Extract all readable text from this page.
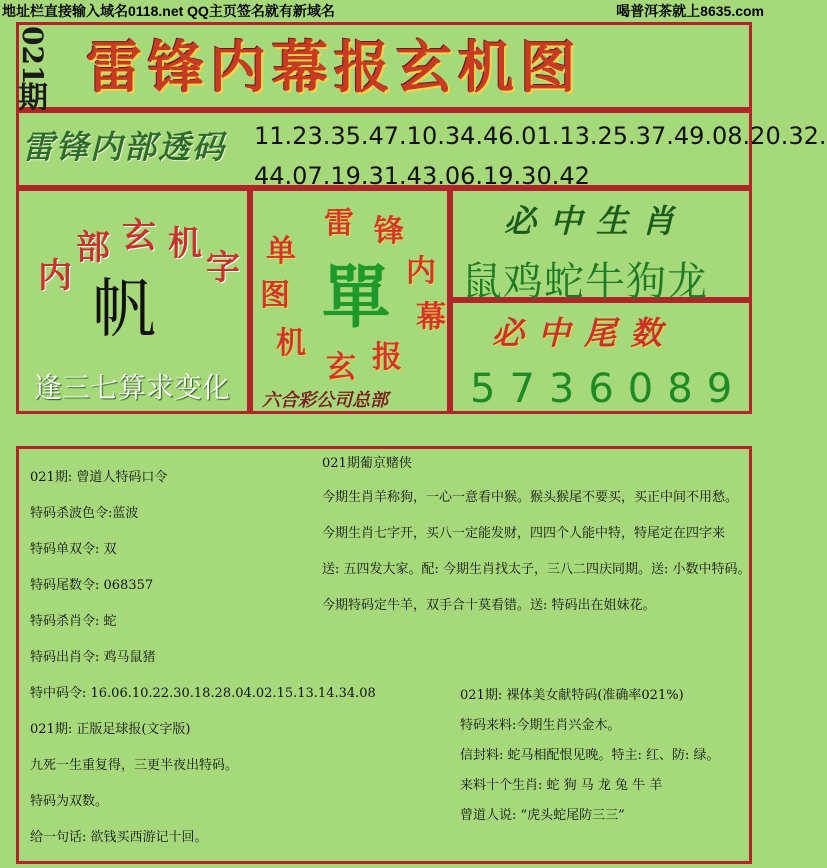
地址栏直接输入域名0118.net QQ主页签名就有新域名	喝普洱茶就上8635.com
021
期 雷锋内幕报玄机图
雷锋内部透码 11.23.35.47.10.34.46.01.13.25.37.49.08.20.32.
44.07.19.31.43.06.19.30.42
内
部 玄 机
字
帆
逢三七算求变化
雷 锋
内
幕
报
玄
机
图
单
單
六合彩公司总部
必中生肖
鼠鸡蛇牛狗龙
必中尾数
5736089
021期: 曾道人特码口令
特码杀波色令:蓝波
特码单双令: 双
特码尾数令: 068357
特码杀肖令: 蛇
特码出肖令: 鸡马鼠猪
特中码令: 16.06.10.22.30.18.28.04.02.15.13.14.34.08
021期: 正版足球报(文字版)
九死一生重复得，三更半夜出特码。
特码为双数。
给一句话: 欲钱买西游记十回。
021期葡京赌侠
今期生肖羊称狗，一心一意看中猴。猴头猴尾不要买，买正中间不用愁。
今期生肖七字开，买八一定能发财，四四个人能中特，特尾定在四字来
送: 五四发大家。配: 今期生肖找太子，三八二四庆同期。送: 小数中特码。
今期特码定牛羊，双手合十莫看错。送: 特码出在姐妹花。
021期: 裸体美女献特码(准确率021%)
特码来料:今期生肖兴金木。
信封料: 蛇马相配恨见晚。特主: 红、防: 绿。
来料十个生肖: 蛇 狗 马 龙 兔 牛 羊
曾道人说: “虎头蛇尾防三三”
